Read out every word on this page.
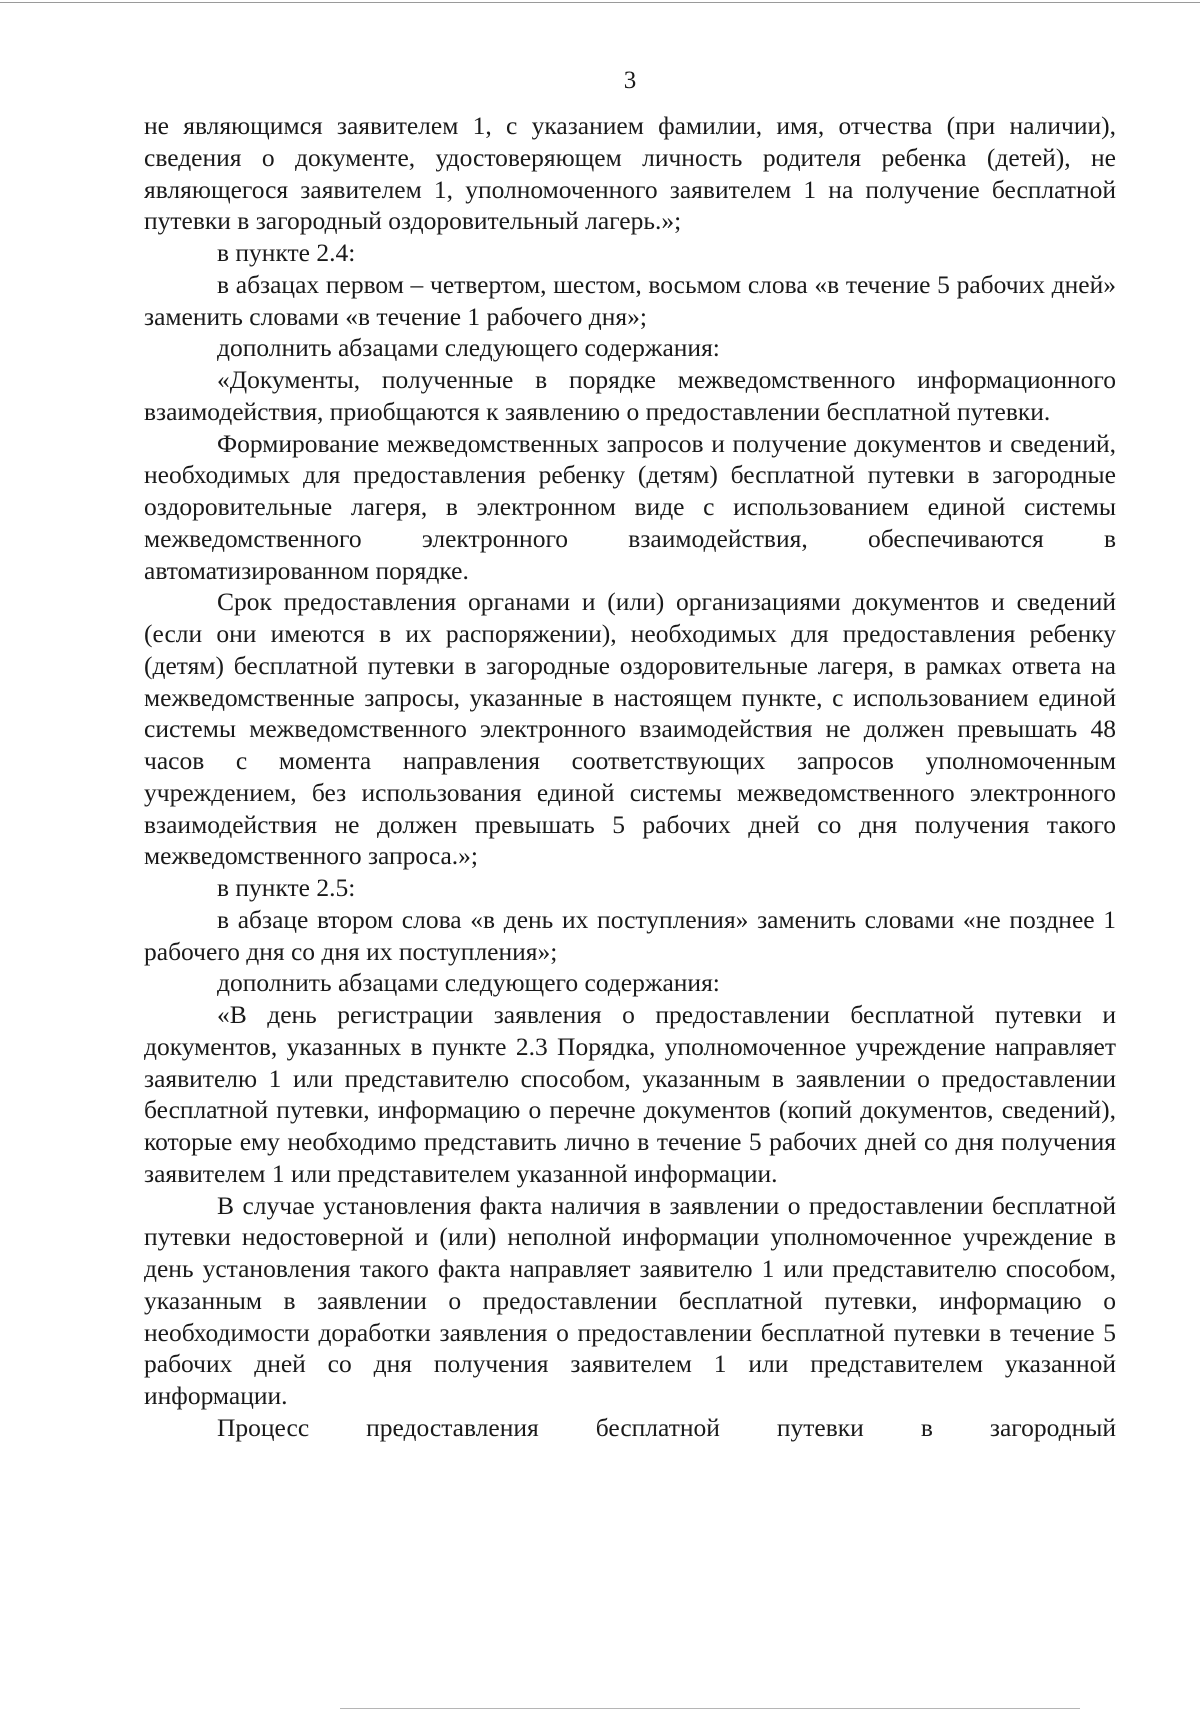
3

не являющимся заявителем 1, с указанием фамилии, имя, отчества (при наличии), сведения о документе, удостоверяющем личность родителя ребенка (детей), не являющегося заявителем 1, уполномоченного заявителем 1 на получение бесплатной путевки в загородный оздоровительный лагерь.»;

в пункте 2.4:

в абзацах первом – четвертом, шестом, восьмом слова «в течение 5 рабочих дней» заменить словами «в течение 1 рабочего дня»;

дополнить абзацами следующего содержания:

«Документы, полученные в порядке межведомственного информационного взаимодействия, приобщаются к заявлению о предоставлении бесплатной путевки.

Формирование межведомственных запросов и получение документов и сведений, необходимых для предоставления ребенку (детям) бесплатной путевки в загородные оздоровительные лагеря, в электронном виде с использованием единой системы межведомственного электронного взаимодействия, обеспечиваются в автоматизированном порядке.

Срок предоставления органами и (или) организациями документов и сведений (если они имеются в их распоряжении), необходимых для предоставления ребенку (детям) бесплатной путевки в загородные оздоровительные лагеря, в рамках ответа на межведомственные запросы, указанные в настоящем пункте, с использованием единой системы межведомственного электронного взаимодействия не должен превышать 48 часов с момента направления соответствующих запросов уполномоченным учреждением, без использования единой системы межведомственного электронного взаимодействия не должен превышать 5 рабочих дней со дня получения такого межведомственного запроса.»;

в пункте 2.5:

в абзаце втором слова «в день их поступления» заменить словами «не позднее 1 рабочего дня со дня их поступления»;

дополнить абзацами следующего содержания:

«В день регистрации заявления о предоставлении бесплатной путевки и документов, указанных в пункте 2.3 Порядка, уполномоченное учреждение направляет заявителю 1 или представителю способом, указанным в заявлении о предоставлении бесплатной путевки, информацию о перечне документов (копий документов, сведений), которые ему необходимо представить лично в течение 5 рабочих дней со дня получения заявителем 1 или представителем указанной информации.

В случае установления факта наличия в заявлении о предоставлении бесплатной путевки недостоверной и (или) неполной информации уполномоченное учреждение в день установления такого факта направляет заявителю 1 или представителю способом, указанным в заявлении о предоставлении бесплатной путевки, информацию о необходимости доработки заявления о предоставлении бесплатной путевки в течение 5 рабочих дней со дня получения заявителем 1 или представителем указанной информации.

Процесс предоставления бесплатной путевки в загородный
